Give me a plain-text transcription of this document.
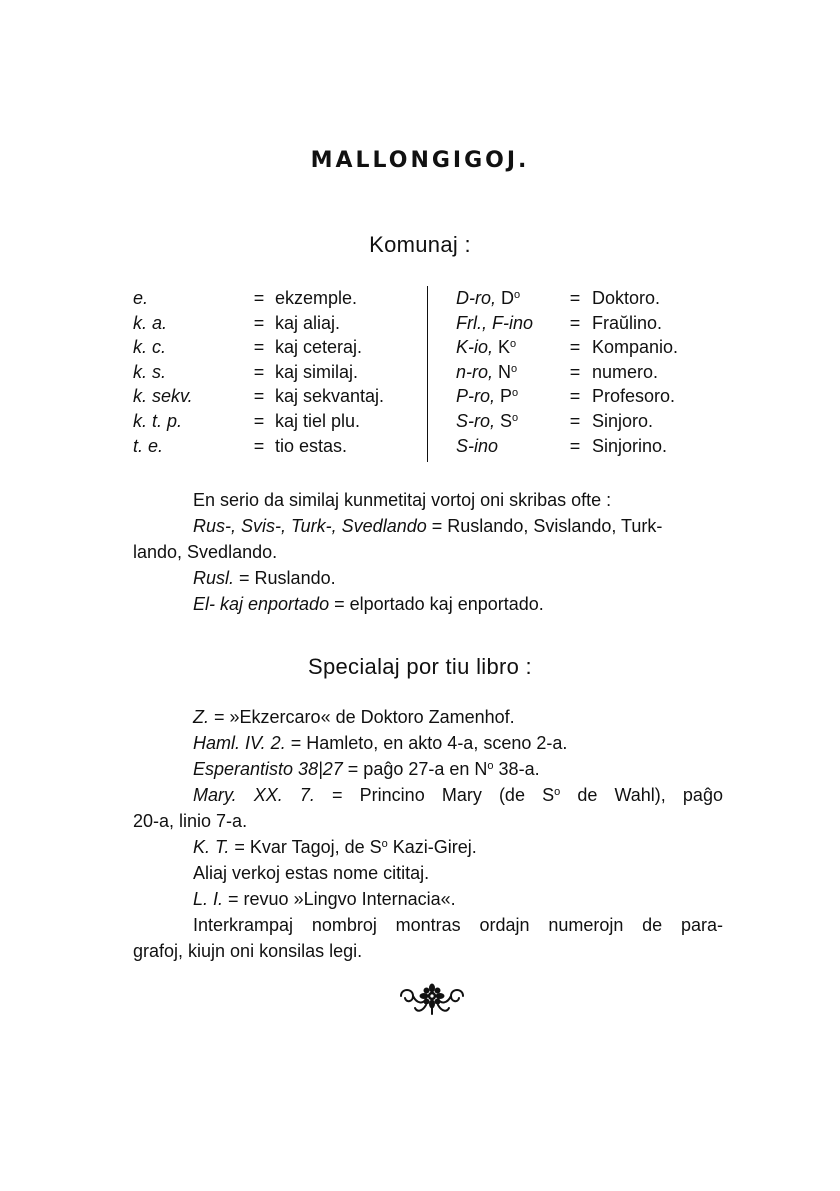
MALLONGIGOJ.
Komunaj :
e.	= ekzemple.
k. a.	= kaj aliaj.
k. c.	= kaj ceteraj.
k. s.	= kaj similaj.
k. sekv.	= kaj sekvantaj.
k. t. p.	= kaj tiel plu.
t. e.	= tio estas.
D-ro, $D^o$	= Doktoro.
Frl., F-ino = Fraŭlino.
K-io, $K^o$	= Kompanio.
n-ro, $N^o$	= numero.
P-ro, $P^o$	= Profesoro.
S-ro, $S^o$	= Sinjoro.
S-ino	= Sinjorino.
En serio da similaj kunmetitaj vortoj oni skribas ofte :
Rus-, Svis-, Turk-, Svedlando = Ruslando, Svislando, Turk-
lando, Svedlando.
Rusl. = Ruslando.
El- kaj enportado = elportado kaj enportado.
Specialaj por tiu libro :
Z. = »Ekzercaro« de Doktoro Zamenhof.
Haml. IV. 2. = Hamleto, en akto 4-a, sceno 2-a.
Esperantisto 38|27 = paĝo 27-a en $N^o$ 38-a.
Mary. XX. 7. = Princino Mary (de $S^o$ de Wahl), paĝo
20-a, linio 7-a.
K. T. = Kvar Tagoj, de $S^o$ Kazi-Girej.
Aliaj verkoj estas nome cititaj.
L. I. = revuo »Lingvo Internacia«.
Interkrampaj nombroj montras ordajn numerojn de para-
grafoj, kiujn oni konsilas legi.
